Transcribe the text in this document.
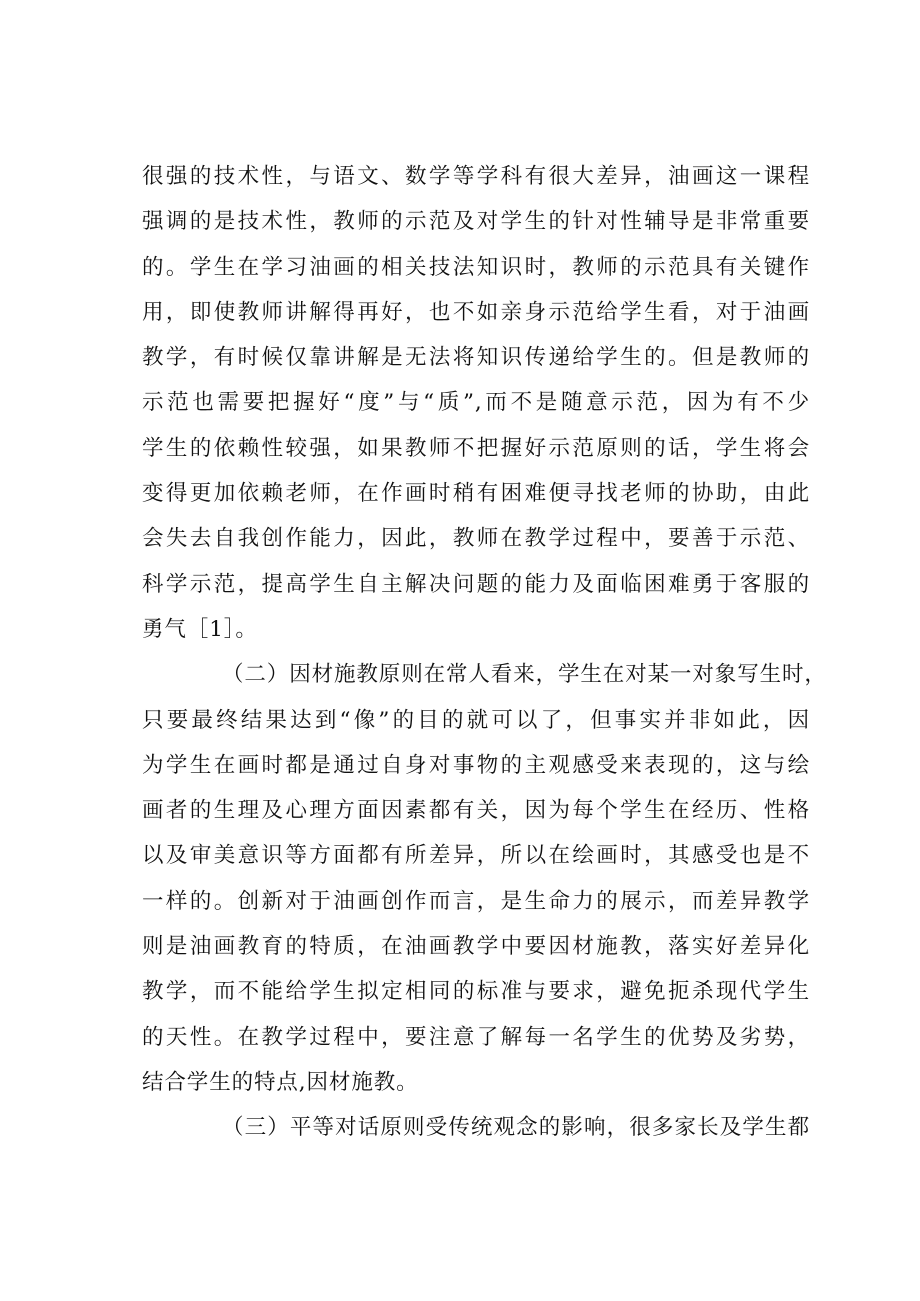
很强的技术性，与语文、数学等学科有很大差异，油画这一课程
强调的是技术性，教师的示范及对学生的针对性辅导是非常重要
的。学生在学习油画的相关技法知识时，教师的示范具有关键作
用，即使教师讲解得再好，也不如亲身示范给学生看，对于油画
教学，有时候仅靠讲解是无法将知识传递给学生的。但是教师的
示范也需要把握好“度”与“质”,而不是随意示范，因为有不少
学生的依赖性较强，如果教师不把握好示范原则的话，学生将会
变得更加依赖老师，在作画时稍有困难便寻找老师的协助，由此
会失去自我创作能力，因此，教师在教学过程中，要善于示范、
科学示范，提高学生自主解决问题的能力及面临困难勇于客服的
勇气［1］。
（二）因材施教原则在常人看来，学生在对某一对象写生时，
只要最终结果达到“像”的目的就可以了，但事实并非如此，因
为学生在画时都是通过自身对事物的主观感受来表现的，这与绘
画者的生理及心理方面因素都有关，因为每个学生在经历、性格
以及审美意识等方面都有所差异，所以在绘画时，其感受也是不
一样的。创新对于油画创作而言，是生命力的展示，而差异教学
则是油画教育的特质，在油画教学中要因材施教，落实好差异化
教学，而不能给学生拟定相同的标准与要求，避免扼杀现代学生
的天性。在教学过程中，要注意了解每一名学生的优势及劣势，
结合学生的特点,因材施教。
（三）平等对话原则受传统观念的影响，很多家长及学生都
